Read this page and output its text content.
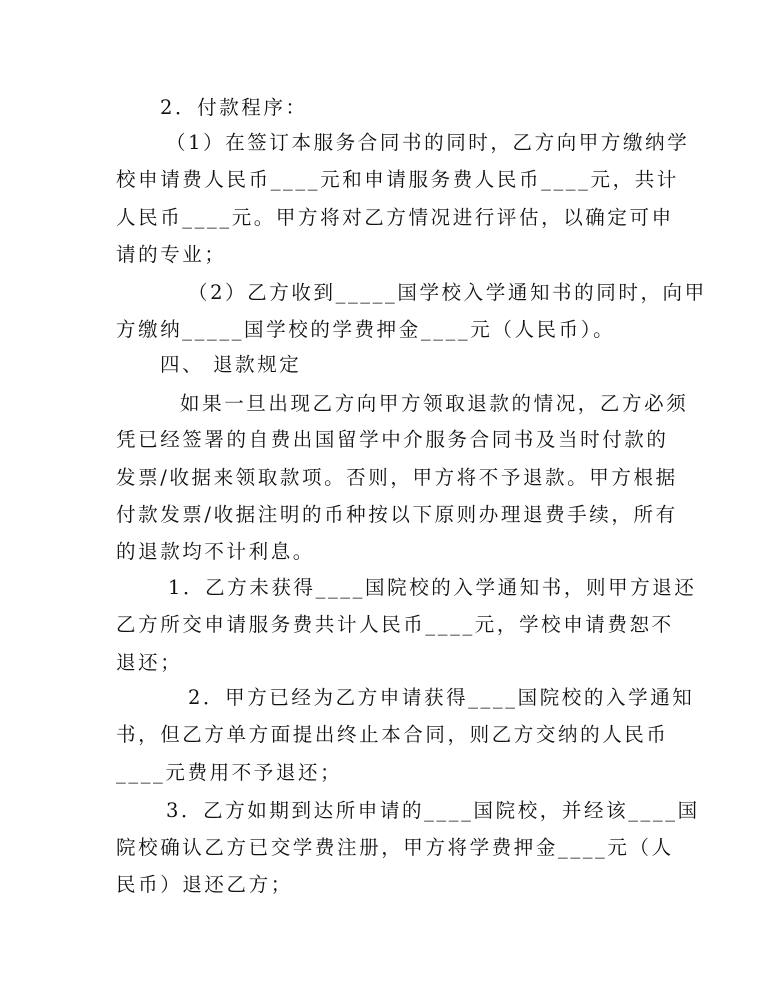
2．付款程序：
（1）在签订本服务合同书的同时，乙方向甲方缴纳学
校申请费人民币____元和申请服务费人民币____元，共计
人民币____元。甲方将对乙方情况进行评估，以确定可申
请的专业；
（2）乙方收到_____国学校入学通知书的同时，向甲
方缴纳_____国学校的学费押金____元（人民币）。
四、 退款规定
如果一旦出现乙方向甲方领取退款的情况，乙方必须
凭已经签署的自费出国留学中介服务合同书及当时付款的
发票/收据来领取款项。否则，甲方将不予退款。甲方根据
付款发票/收据注明的币种按以下原则办理退费手续，所有
的退款均不计利息。
1．乙方未获得____国院校的入学通知书，则甲方退还
乙方所交申请服务费共计人民币____元，学校申请费恕不
退还；
2．甲方已经为乙方申请获得____国院校的入学通知
书，但乙方单方面提出终止本合同，则乙方交纳的人民币
____元费用不予退还；
3．乙方如期到达所申请的____国院校，并经该____国
院校确认乙方已交学费注册，甲方将学费押金____元（人
民币）退还乙方；
